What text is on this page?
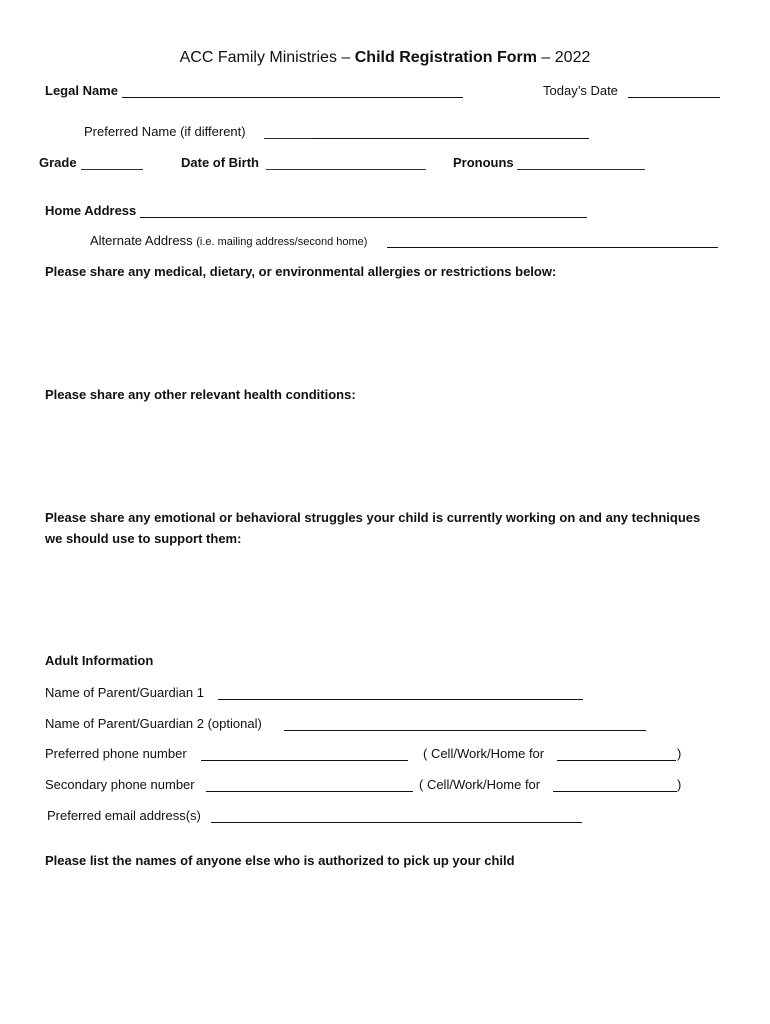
ACC Family Ministries – Child Registration Form – 2022
Legal Name	Today’s Date
Preferred Name (if different)
Grade	Date of Birth	Pronouns
Home Address
Alternate Address (i.e. mailing address/second home)
Please share any medical, dietary, or environmental allergies or restrictions below:
Please share any other relevant health conditions:
Please share any emotional or behavioral struggles your child is currently working on and any techniques
we should use to support them:
Adult Information
Name of Parent/Guardian 1
Name of Parent/Guardian 2 (optional)
Preferred phone number	( Cell/Work/Home for	)
Secondary phone number	( Cell/Work/Home for	)
Preferred email address(s)
Please list the names of anyone else who is authorized to pick up your child
